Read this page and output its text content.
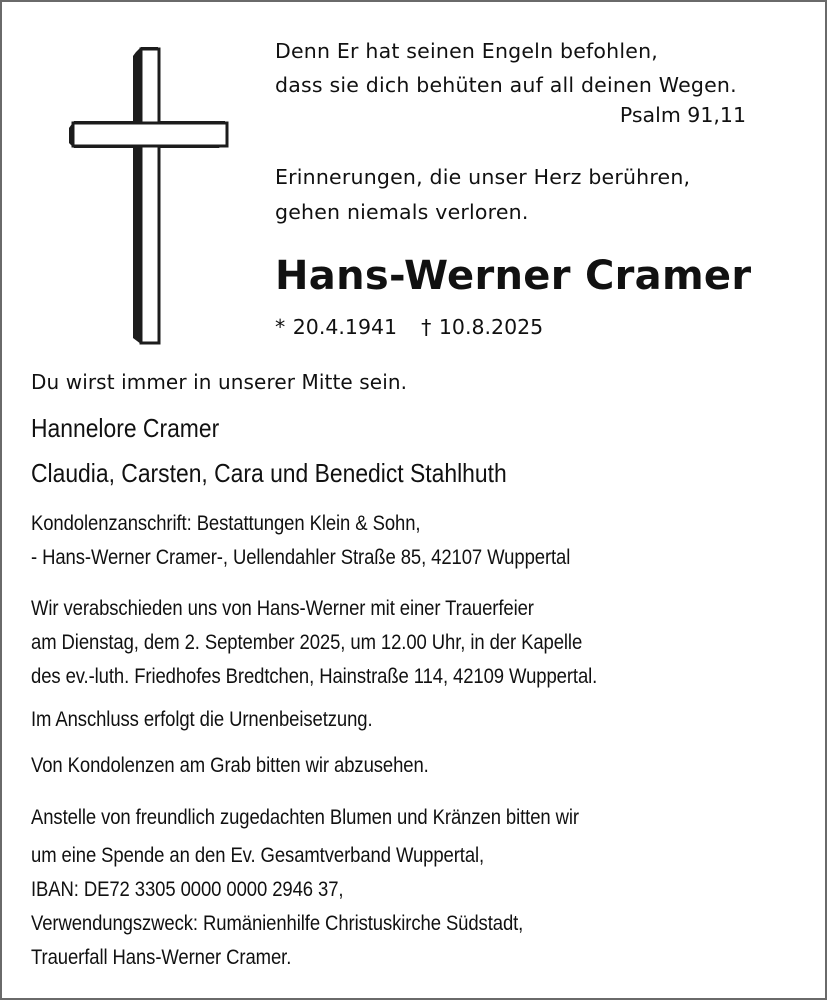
Denn Er hat seinen Engeln befohlen,
dass sie dich behüten auf all deinen Wegen.
Psalm 91,11
Erinnerungen, die unser Herz berühren,
gehen niemals verloren.
Hans-Werner Cramer
* 20.4.1941 † 10.8.2025
Du wirst immer in unserer Mitte sein.
Hannelore Cramer
Claudia, Carsten, Cara und Benedict Stahlhuth
Kondolenzanschrift: Bestattungen Klein & Sohn,
- Hans-Werner Cramer-, Uellendahler Straße 85, 42107 Wuppertal
Wir verabschieden uns von Hans-Werner mit einer Trauerfeier
am Dienstag, dem 2. September 2025, um 12.00 Uhr, in der Kapelle
des ev.-luth. Friedhofes Bredtchen, Hainstraße 114, 42109 Wuppertal.
Im Anschluss erfolgt die Urnenbeisetzung.
Von Kondolenzen am Grab bitten wir abzusehen.
Anstelle von freundlich zugedachten Blumen und Kränzen bitten wir
um eine Spende an den Ev. Gesamtverband Wuppertal,
IBAN: DE72 3305 0000 0000 2946 37,
Verwendungszweck: Rumänienhilfe Christuskirche Südstadt,
Trauerfall Hans-Werner Cramer.
